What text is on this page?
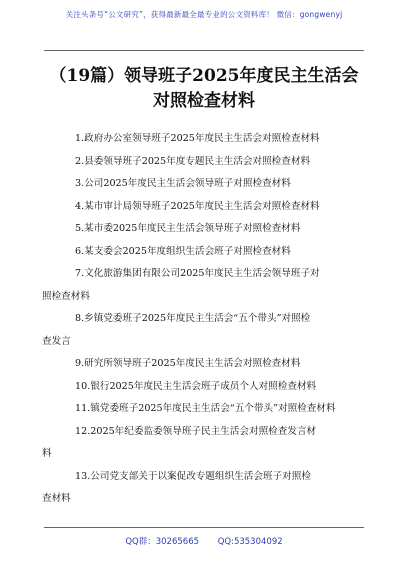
关注头条号“公文研究”，获得最新最全最专业的公文资料库！ 微信：gongwenyj
（19篇）领导班子2025年度民主生活会
对照检查材料
1.政府办公室领导班子2025年度民主生活会对照检查材料
2.县委领导班子2025年度专题民主生活会对照检查材料
3.公司2025年度民主生活会领导班子对照检查材料
4.某市审计局领导班子2025年度民主生活会对照检查材料
5.某市委2025年度民主生活会领导班子对照检查材料
6.某支委会2025年度组织生活会班子对照检查材料
7.文化旅游集团有限公司2025年度民主生活会领导班子对
照检查材料
8.乡镇党委班子2025年度民主生活会“五个带头”对照检
查发言
9.研究所领导班子2025年度民主生活会对照检查材料
10.银行2025年度民主生活会班子成员个人对照检查材料
11.镇党委班子2025年度民主生活会“五个带头”对照检查材料
12.2025年纪委监委领导班子民主生活会对照检查发言材
料
13.公司党支部关于以案促改专题组织生活会班子对照检
查材料
QQ群：30265665 QQ:535304092
